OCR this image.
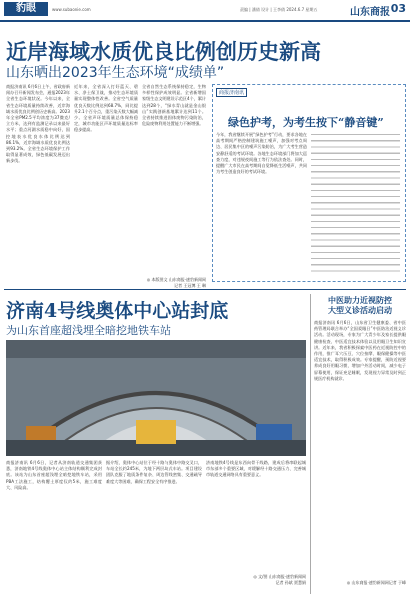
豹眼	www.subaonie.com	责编 | 潘倩 设计 | 王李倩 2024.6.7 星期五	山东商报 03
近岸海域水质优良比例创历史新高
山东晒出2023年生态环境“成绩单”
商报济南讯 6月6日上午，省政府新闻办召开新闻发布会，通报2023年全省生态环境状况。今年以来，全省生态环境质量持续改善，近岸海域水质优良比例创历史新高。2023年全省PM2.5平均浓度为37微克/立方米，达到有监测记录以来最好水平；重点河湖水质稳中向好，国控地表水优良水体比例达到86.1%，近岸海域水质优良比例达到93.2%。全省生态环境保护工作取得显著成效，绿色低碳发展迈出新步伐。
近年来，全省深入打好蓝天、碧水、净土保卫战，推动生态环境质量实现整体性改善。全省空气质量优良天数比例达到68.7%，同比提升2.1个百分点，重污染天数大幅减少。全省声环境质量总体保持稳定，城市功能区声环境质量达标率稳步提高。
全省自然生态系统保持稳定，生物多样性保护成效明显。全省新增国家级生态文明建设示范区4个，累计达到28个，“绿水青山就是金山银山”实践创新基地累计达到11个。全省持续推进固体废物污染防治，危险废物利用处置能力不断增强。
◎ 本版图文 山东商报·速豹新闻网
记者 王冠博 王 琳
商报济南讯
绿色护考，为考生按下“静音键”
今年，我省继续开展“绿色护考”行动，要求各地在高考期间严格控制建筑施工噪声，加强对考点周边、居民集中区的噪声污染防治，为广大考生营造安静舒适的考试环境。各地生态环境部门将加大巡查力度，对违规夜间施工等行为依法查处。同时，提醒广大市民在高考期间自觉降低生活噪声，共同为考生创造良好的考试环境。
济南4号线奥体中心站封底
为山东首座超浅埋全暗挖地铁车站
商报济南讯 6月6日，记者从济南轨道交通集团获悉，济南地铁4号线奥体中心站主体结构顺利完成封底。该站为山东首座超浅埋全暗挖地铁车站，采用PBA工法施工，结构覆土厚度仅约5米，施工难度大、风险高。
据介绍，奥体中心站位于经十路与奥体中路交叉口，车站全长约245米，为地下两层岛式车站。项目建设团队克服了地质条件复杂、周边管线密集、交通疏导难度大等困难，确保工程安全有序推进。
济南地铁4号线是东西向骨干线路，建成后将串联起城市东部多个重要区域，对缓解经十路交通压力、完善城市轨道交通网络具有重要意义。
◎ 文/图 山东商报·速豹新闻网
记者 孙斌 贾慧娟
中医助力近视防控
大型义诊活动启动
商报济南讯 6月6日，山东省卫生健康委、省中医药管理局联合举办“全国爱眼日”中医防治近视义诊活动。活动现场，专家为广大青少年及家长提供眼健康检查、中医适宜技术体验以及用眼卫生知识宣讲。近年来，我省积极探索中医药在近视防控中的作用，推广耳穴压豆、穴位按摩、眼保健操等中医适宜技术，取得积极成效。专家提醒，预防近视要养成良好用眼习惯，增加户外活动时间，减少电子屏幕使用，保证充足睡眠，发现视力异常及时到正规医疗机构就诊。
◎ 山东商报·速豹新闻网记者 于峰
